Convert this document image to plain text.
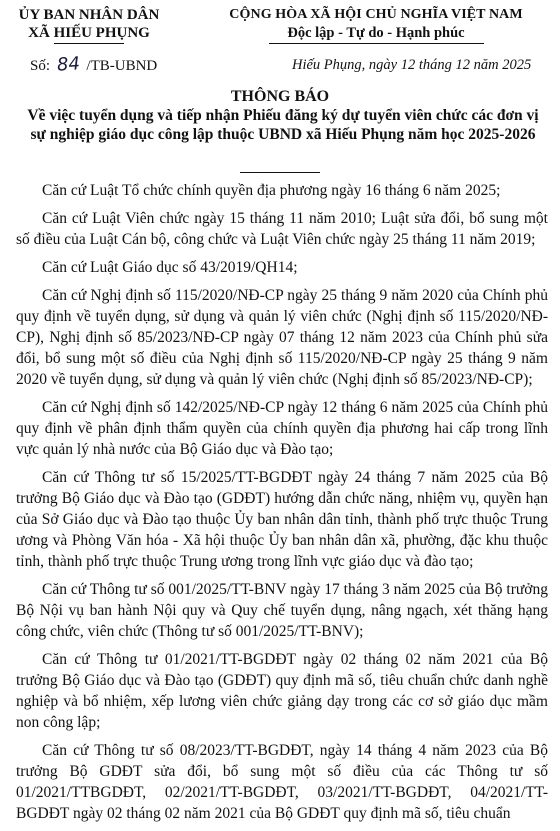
ỦY BAN NHÂN DÂN
XÃ HIẾU PHỤNG
CỘNG HÒA XÃ HỘI CHỦ NGHĨA VIỆT NAM
Độc lập - Tự do - Hạnh phúc
Số: 84 /TB-UBND	Hiếu Phụng, ngày 12 tháng 12 năm 2025
THÔNG BÁO
Về việc tuyển dụng và tiếp nhận Phiếu đăng ký dự tuyển viên chức các đơn vị sự nghiệp giáo dục công lập thuộc UBND xã Hiếu Phụng năm học 2025-2026

Căn cứ Luật Tổ chức chính quyền địa phương ngày 16 tháng 6 năm 2025;

Căn cứ Luật Viên chức ngày 15 tháng 11 năm 2010; Luật sửa đổi, bổ sung một số điều của Luật Cán bộ, công chức và Luật Viên chức ngày 25 tháng 11 năm 2019;

Căn cứ Luật Giáo dục số 43/2019/QH14;

Căn cứ Nghị định số 115/2020/NĐ-CP ngày 25 tháng 9 năm 2020 của Chính phủ quy định về tuyển dụng, sử dụng và quản lý viên chức (Nghị định số 115/2020/NĐ-CP), Nghị định số 85/2023/NĐ-CP ngày 07 tháng 12 năm 2023 của Chính phủ sửa đổi, bổ sung một số điều của Nghị định số 115/2020/NĐ-CP ngày 25 tháng 9 năm 2020 về tuyển dụng, sử dụng và quản lý viên chức (Nghị định số 85/2023/NĐ-CP);

Căn cứ Nghị định số 142/2025/NĐ-CP ngày 12 tháng 6 năm 2025 của Chính phủ quy định về phân định thẩm quyền của chính quyền địa phương hai cấp trong lĩnh vực quản lý nhà nước của Bộ Giáo dục và Đào tạo;

Căn cứ Thông tư số 15/2025/TT-BGDĐT ngày 24 tháng 7 năm 2025 của Bộ trưởng Bộ Giáo dục và Đào tạo (GDĐT) hướng dẫn chức năng, nhiệm vụ, quyền hạn của Sở Giáo dục và Đào tạo thuộc Ủy ban nhân dân tỉnh, thành phố trực thuộc Trung ương và Phòng Văn hóa - Xã hội thuộc Ủy ban nhân dân xã, phường, đặc khu thuộc tỉnh, thành phố trực thuộc Trung ương trong lĩnh vực giáo dục và đào tạo;

Căn cứ Thông tư số 001/2025/TT-BNV ngày 17 tháng 3 năm 2025 của Bộ trưởng Bộ Nội vụ ban hành Nội quy và Quy chế tuyển dụng, nâng ngạch, xét thăng hạng công chức, viên chức (Thông tư số 001/2025/TT-BNV);

Căn cứ Thông tư 01/2021/TT-BGDĐT ngày 02 tháng 02 năm 2021 của Bộ trưởng Bộ Giáo dục và Đào tạo (GDĐT) quy định mã số, tiêu chuẩn chức danh nghề nghiệp và bổ nhiệm, xếp lương viên chức giảng dạy trong các cơ sở giáo dục mầm non công lập;

Căn cứ Thông tư số 08/2023/TT-BGDĐT, ngày 14 tháng 4 năm 2023 của Bộ trưởng Bộ GDĐT sửa đổi, bổ sung một số điều của các Thông tư số 01/2021/TTBGDĐT, 02/2021/TT-BGDĐT, 03/2021/TT-BGDĐT, 04/2021/TT-BGDĐT ngày 02 tháng 02 năm 2021 của Bộ GDĐT quy định mã số, tiêu chuẩn
